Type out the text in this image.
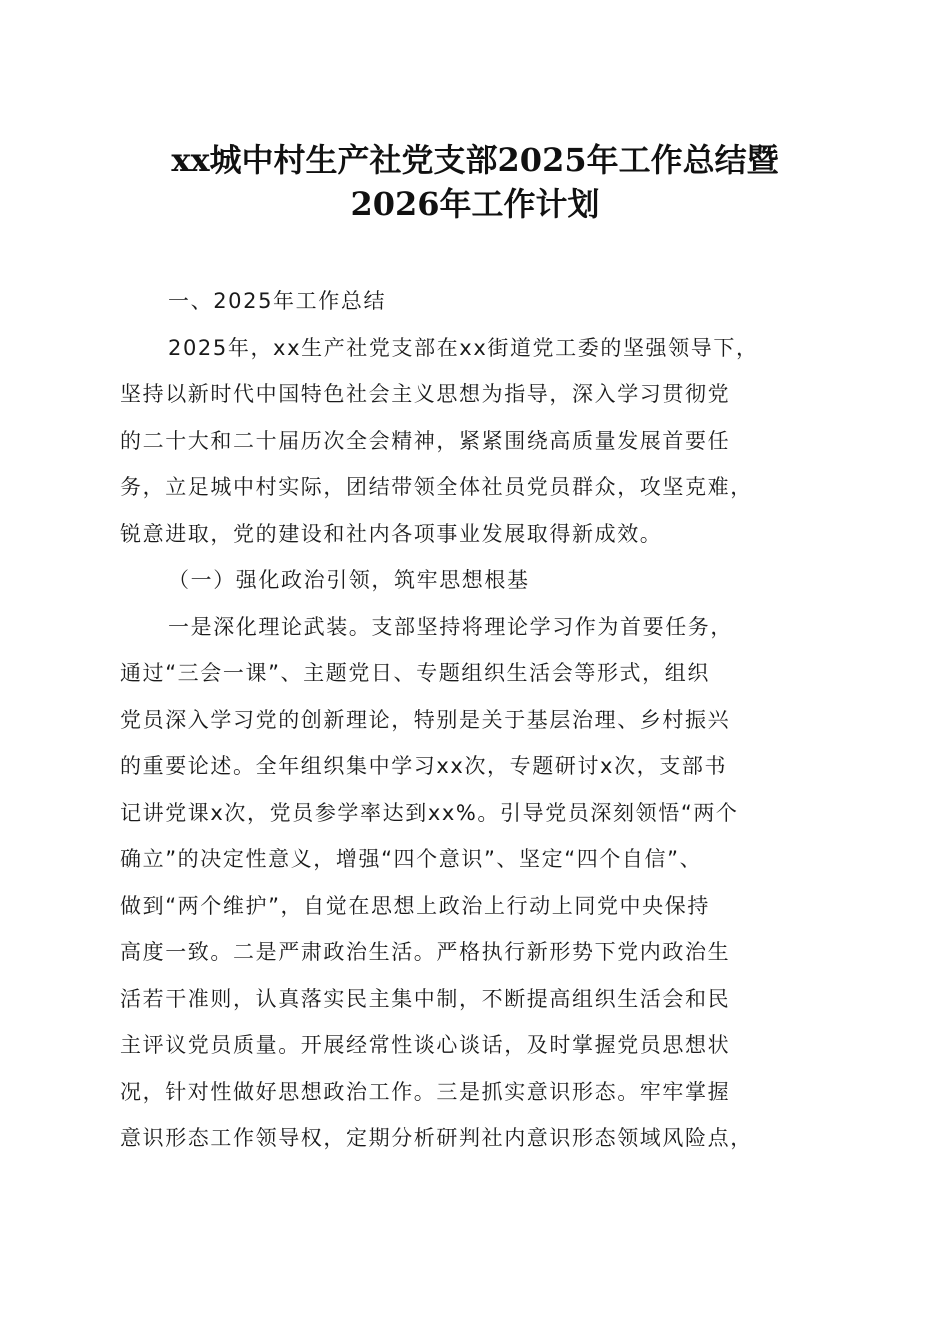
xx城中村生产社党支部2025年工作总结暨
2026年工作计划
一、2025年工作总结
2025年，xx生产社党支部在xx街道党工委的坚强领导下，
坚持以新时代中国特色社会主义思想为指导，深入学习贯彻党
的二十大和二十届历次全会精神，紧紧围绕高质量发展首要任
务，立足城中村实际，团结带领全体社员党员群众，攻坚克难，
锐意进取，党的建设和社内各项事业发展取得新成效。
（一）强化政治引领，筑牢思想根基
一是深化理论武装。支部坚持将理论学习作为首要任务，
通过“三会一课”、主题党日、专题组织生活会等形式，组织
党员深入学习党的创新理论，特别是关于基层治理、乡村振兴
的重要论述。全年组织集中学习xx次，专题研讨x次，支部书
记讲党课x次，党员参学率达到xx%。引导党员深刻领悟“两个
确立”的决定性意义，增强“四个意识”、坚定“四个自信”、
做到“两个维护”，自觉在思想上政治上行动上同党中央保持
高度一致。二是严肃政治生活。严格执行新形势下党内政治生
活若干准则，认真落实民主集中制，不断提高组织生活会和民
主评议党员质量。开展经常性谈心谈话，及时掌握党员思想状
况，针对性做好思想政治工作。三是抓实意识形态。牢牢掌握
意识形态工作领导权，定期分析研判社内意识形态领域风险点，
